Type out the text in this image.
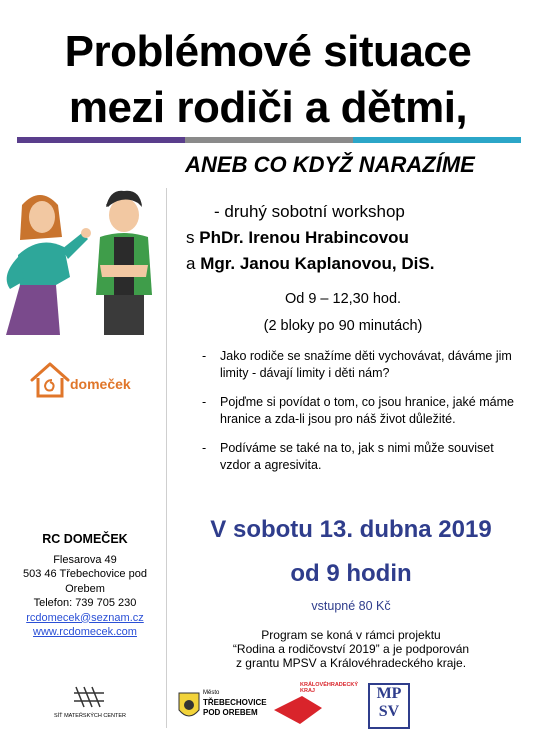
Problémové situace
mezi rodiči a dětmi,
ANEB CO KDYŽ NARAZÍME
domeček
- druhý sobotní workshop
s PhDr. Irenou Hrabincovou
a Mgr. Janou Kaplanovou, DiS.
Od 9 – 12,30 hod.
(2 bloky po 90 minutách)
- Jako rodiče se snažíme děti vychovávat, dáváme jim limity - dávají limity i děti nám?
- Pojďme si povídat o tom, co jsou hranice, jaké máme hranice a zda-li jsou pro náš život důležité.
- Podíváme se také na to, jak s nimi může souviset vzdor a agresivita.
V sobotu 13. dubna 2019
od 9 hodin
vstupné 80 Kč
Program se koná v rámci projektu
“Rodina a rodičovství 2019” a je podporován
z grantu MPSV a Královéhradeckého kraje.
RC DOMEČEK
Flesarova 49
503 46 Třebechovice pod
Orebem
Telefon: 739 705 230
rcdomecek@seznam.cz
www.rcdomecek.com
SÍŤ MATEŘSKÝCH CENTER
Město
TŘEBECHOVICE
POD OREBEM
KRÁLOVÉHRADECKÝ KRAJ	MP
SV
